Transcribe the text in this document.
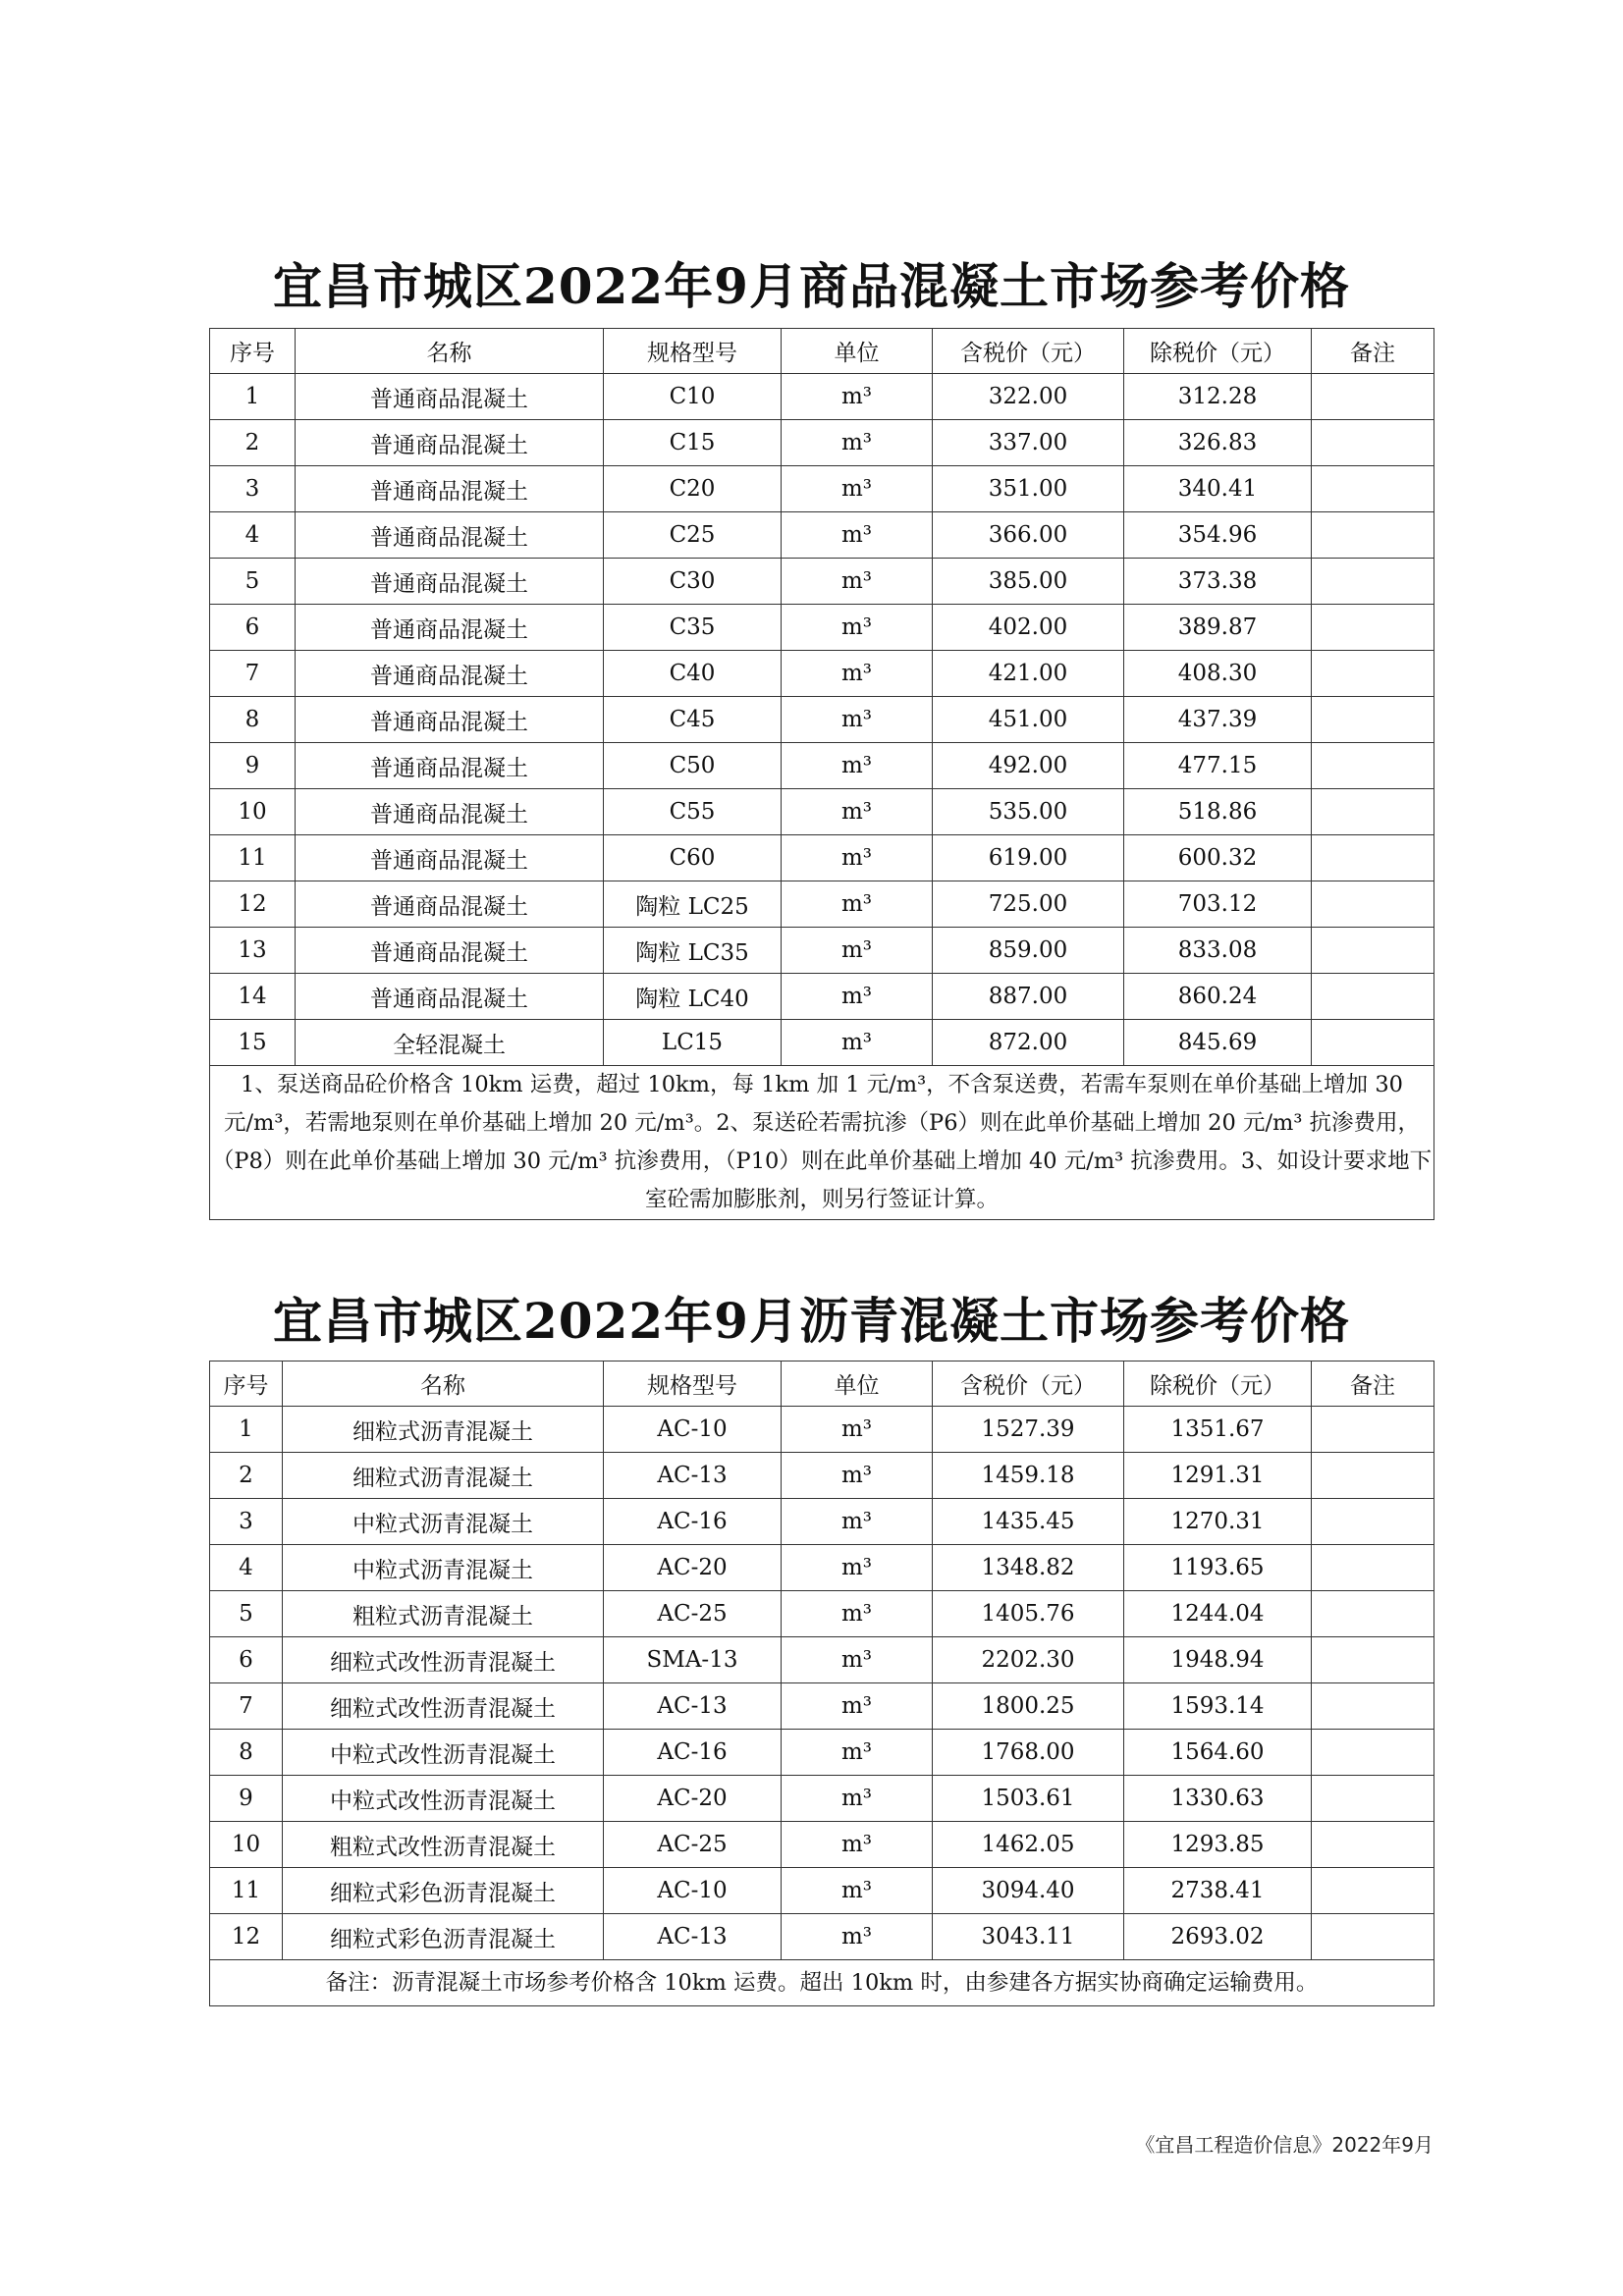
宜昌市城区2022年9月商品混凝土市场参考价格
序号	名称	规格型号	单位	含税价（元）	除税价（元）	备注
1	普通商品混凝土	C10	m³	322.00	312.28	
2	普通商品混凝土	C15	m³	337.00	326.83	
3	普通商品混凝土	C20	m³	351.00	340.41	
4	普通商品混凝土	C25	m³	366.00	354.96	
5	普通商品混凝土	C30	m³	385.00	373.38	
6	普通商品混凝土	C35	m³	402.00	389.87	
7	普通商品混凝土	C40	m³	421.00	408.30	
8	普通商品混凝土	C45	m³	451.00	437.39	
9	普通商品混凝土	C50	m³	492.00	477.15	
10	普通商品混凝土	C55	m³	535.00	518.86	
11	普通商品混凝土	C60	m³	619.00	600.32	
12	普通商品混凝土	陶粒 LC25	m³	725.00	703.12	
13	普通商品混凝土	陶粒 LC35	m³	859.00	833.08	
14	普通商品混凝土	陶粒 LC40	m³	887.00	860.24	
15	全轻混凝土	LC15	m³	872.00	845.69	
1、泵送商品砼价格含 10km 运费，超过 10km，每 1km 加 1 元/m³，不含泵送费，若需车泵则在单价基础上增加 30 元/m³，若需地泵则在单价基础上增加 20 元/m³。2、泵送砼若需抗渗（P6）则在此单价基础上增加 20 元/m³ 抗渗费用，（P8）则在此单价基础上增加 30 元/m³ 抗渗费用，（P10）则在此单价基础上增加 40 元/m³ 抗渗费用。3、如设计要求地下室砼需加膨胀剂，则另行签证计算。						
宜昌市城区2022年9月沥青混凝土市场参考价格
序号	名称	规格型号	单位	含税价（元）	除税价（元）	备注
1	细粒式沥青混凝土	AC-10	m³	1527.39	1351.67	
2	细粒式沥青混凝土	AC-13	m³	1459.18	1291.31	
3	中粒式沥青混凝土	AC-16	m³	1435.45	1270.31	
4	中粒式沥青混凝土	AC-20	m³	1348.82	1193.65	
5	粗粒式沥青混凝土	AC-25	m³	1405.76	1244.04	
6	细粒式改性沥青混凝土	SMA-13	m³	2202.30	1948.94	
7	细粒式改性沥青混凝土	AC-13	m³	1800.25	1593.14	
8	中粒式改性沥青混凝土	AC-16	m³	1768.00	1564.60	
9	中粒式改性沥青混凝土	AC-20	m³	1503.61	1330.63	
10	粗粒式改性沥青混凝土	AC-25	m³	1462.05	1293.85	
11	细粒式彩色沥青混凝土	AC-10	m³	3094.40	2738.41	
12	细粒式彩色沥青混凝土	AC-13	m³	3043.11	2693.02	
备注：沥青混凝土市场参考价格含 10km 运费。超出 10km 时，由参建各方据实协商确定运输费用。						
《宜昌工程造价信息》2022年9月
